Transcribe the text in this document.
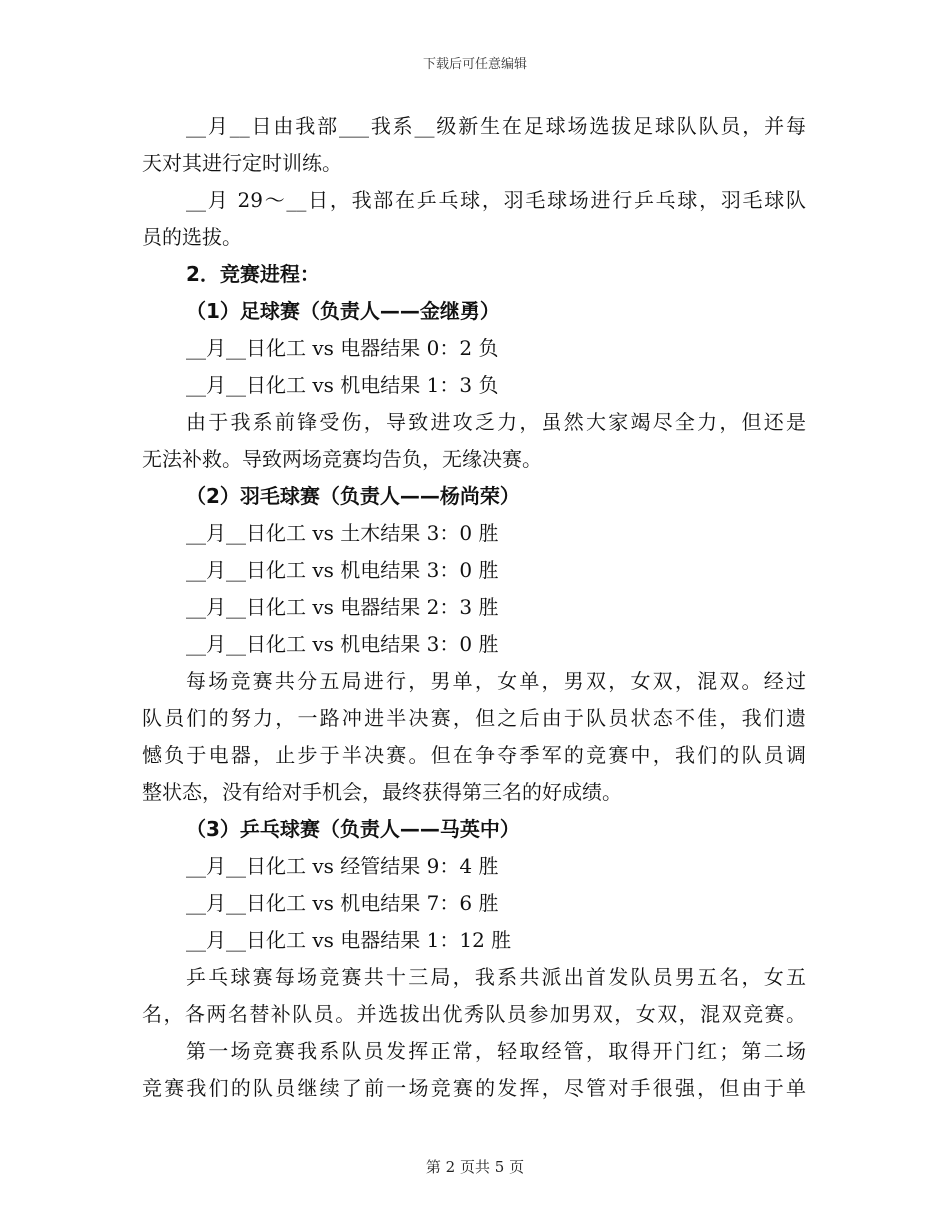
下载后可任意编辑
__月__日由我部___我系__级新生在足球场选拔足球队队员，并每
天对其进行定时训练。
__月 29～__日，我部在乒乓球，羽毛球场进行乒乓球，羽毛球队
员的选拔。
2．竞赛进程：
（1）足球赛（负责人——金继勇）
__月__日化工 vs 电器结果 0：2 负
__月__日化工 vs 机电结果 1：3 负
由于我系前锋受伤，导致进攻乏力，虽然大家竭尽全力，但还是
无法补救。导致两场竞赛均告负，无缘决赛。
（2）羽毛球赛（负责人——杨尚荣）
__月__日化工 vs 土木结果 3：0 胜
__月__日化工 vs 机电结果 3：0 胜
__月__日化工 vs 电器结果 2：3 胜
__月__日化工 vs 机电结果 3：0 胜
每场竞赛共分五局进行，男单，女单，男双，女双，混双。经过
队员们的努力，一路冲进半决赛，但之后由于队员状态不佳，我们遗
憾负于电器，止步于半决赛。但在争夺季军的竞赛中，我们的队员调
整状态，没有给对手机会，最终获得第三名的好成绩。
（3）乒乓球赛（负责人——马英中）
__月__日化工 vs 经管结果 9：4 胜
__月__日化工 vs 机电结果 7：6 胜
__月__日化工 vs 电器结果 1：12 胜
乒乓球赛每场竞赛共十三局，我系共派出首发队员男五名，女五
名，各两名替补队员。并选拔出优秀队员参加男双，女双，混双竞赛。
第一场竞赛我系队员发挥正常，轻取经管，取得开门红；第二场
竞赛我们的队员继续了前一场竞赛的发挥，尽管对手很强，但由于单
第 2 页共 5 页
